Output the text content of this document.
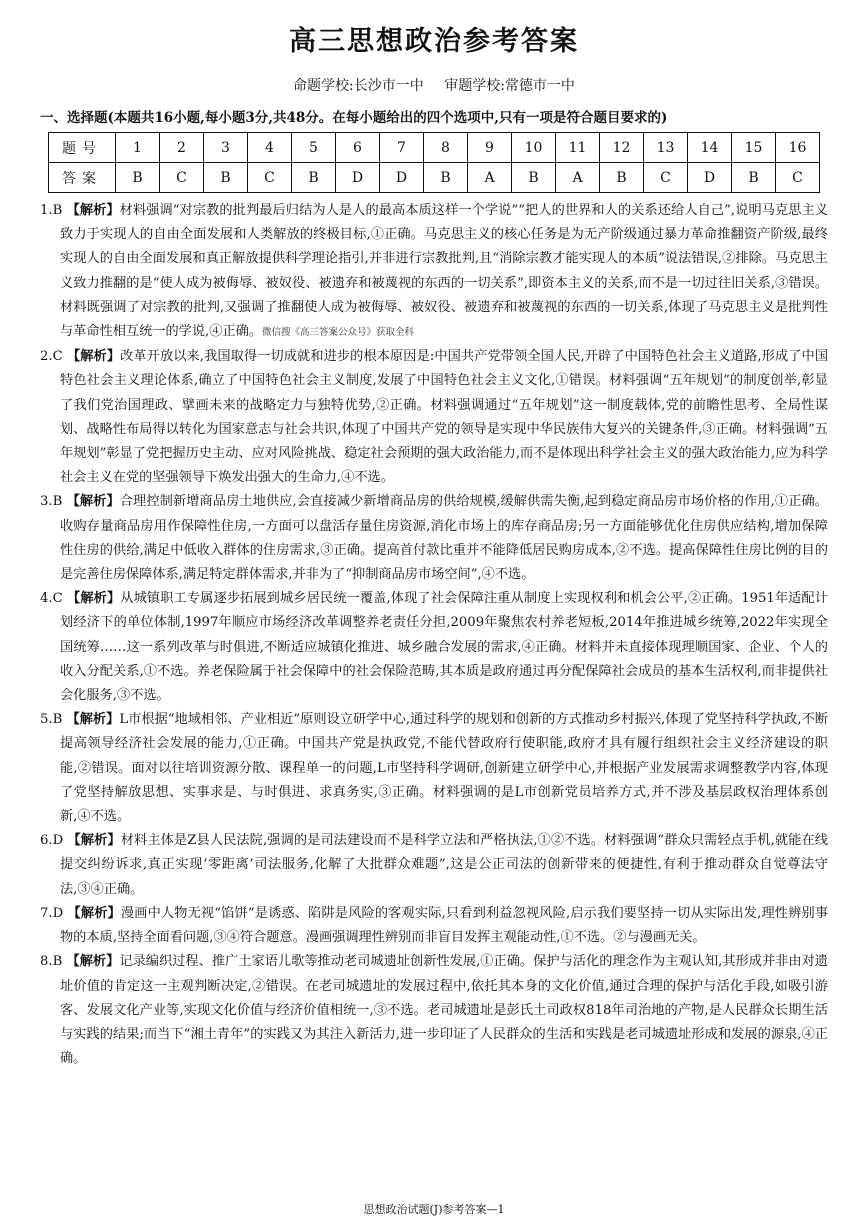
高三思想政治参考答案
命题学校:长沙市一中 审题学校:常德市一中
一、选择题(本题共16小题,每小题3分,共48分。在每小题给出的四个选项中,只有一项是符合题目要求的)
题号	1	2	3	4	5	6	7	8	9	10	11	12	13	14	15	16
答案	B	C	B	C	B	D	D	B	A	B	A	B	C	D	B	C

1.B 【解析】材料强调“对宗教的批判最后归结为人是人的最高本质这样一个学说”“把人的世界和人的关系还给人自己”,说明马克思主义致力于实现人的自由全面发展和人类解放的终极目标,①正确。马克思主义的核心任务是为无产阶级通过暴力革命推翻资产阶级,最终实现人的自由全面发展和真正解放提供科学理论指引,并非进行宗教批判,且“消除宗教才能实现人的本质”说法错误,②排除。马克思主义致力推翻的是“使人成为被侮辱、被奴役、被遗弃和被蔑视的东西的一切关系”,即资本主义的关系,而不是一切过往旧关系,③错误。材料既强调了对宗教的批判,又强调了推翻使人成为被侮辱、被奴役、被遗弃和被蔑视的东西的一切关系,体现了马克思主义是批判性与革命性相互统一的学说,④正确。微信搜《高三答案公众号》获取全科

2.C 【解析】改革开放以来,我国取得一切成就和进步的根本原因是:中国共产党带领全国人民,开辟了中国特色社会主义道路,形成了中国特色社会主义理论体系,确立了中国特色社会主义制度,发展了中国特色社会主义文化,①错误。材料强调“五年规划”的制度创举,彰显了我们党治国理政、擘画未来的战略定力与独特优势,②正确。材料强调通过“五年规划”这一制度载体,党的前瞻性思考、全局性谋划、战略性布局得以转化为国家意志与社会共识,体现了中国共产党的领导是实现中华民族伟大复兴的关键条件,③正确。材料强调“五年规划”彰显了党把握历史主动、应对风险挑战、稳定社会预期的强大政治能力,而不是体现出科学社会主义的强大政治能力,应为科学社会主义在党的坚强领导下焕发出强大的生命力,④不选。

3.B 【解析】合理控制新增商品房土地供应,会直接减少新增商品房的供给规模,缓解供需失衡,起到稳定商品房市场价格的作用,①正确。收购存量商品房用作保障性住房,一方面可以盘活存量住房资源,消化市场上的库存商品房;另一方面能够优化住房供应结构,增加保障性住房的供给,满足中低收入群体的住房需求,③正确。提高首付款比重并不能降低居民购房成本,②不选。提高保障性住房比例的目的是完善住房保障体系,满足特定群体需求,并非为了“抑制商品房市场空间”,④不选。

4.C 【解析】从城镇职工专属逐步拓展到城乡居民统一覆盖,体现了社会保障注重从制度上实现权利和机会公平,②正确。1951年适配计划经济下的单位体制,1997年顺应市场经济改革调整养老责任分担,2009年聚焦农村养老短板,2014年推进城乡统筹,2022年实现全国统筹……这一系列改革与时俱进,不断适应城镇化推进、城乡融合发展的需求,④正确。材料并未直接体现理顺国家、企业、个人的收入分配关系,①不选。养老保险属于社会保障中的社会保险范畴,其本质是政府通过再分配保障社会成员的基本生活权利,而非提供社会化服务,③不选。

5.B 【解析】L市根据“地域相邻、产业相近”原则设立研学中心,通过科学的规划和创新的方式推动乡村振兴,体现了党坚持科学执政,不断提高领导经济社会发展的能力,①正确。中国共产党是执政党,不能代替政府行使职能,政府才具有履行组织社会主义经济建设的职能,②错误。面对以往培训资源分散、课程单一的问题,L市坚持科学调研,创新建立研学中心,并根据产业发展需求调整教学内容,体现了党坚持解放思想、实事求是、与时俱进、求真务实,③正确。材料强调的是L市创新党员培养方式,并不涉及基层政权治理体系创新,④不选。

6.D 【解析】材料主体是Z县人民法院,强调的是司法建设而不是科学立法和严格执法,①②不选。材料强调“群众只需轻点手机,就能在线提交纠纷诉求,真正实现‘零距离’司法服务,化解了大批群众难题”,这是公正司法的创新带来的便捷性,有利于推动群众自觉尊法守法,③④正确。

7.D 【解析】漫画中人物无视“馅饼”是诱惑、陷阱是风险的客观实际,只看到利益忽视风险,启示我们要坚持一切从实际出发,理性辨别事物的本质,坚持全面看问题,③④符合题意。漫画强调理性辨别而非盲目发挥主观能动性,①不选。②与漫画无关。

8.B 【解析】记录编织过程、推广土家语儿歌等推动老司城遗址创新性发展,①正确。保护与活化的理念作为主观认知,其形成并非由对遗址价值的肯定这一主观判断决定,②错误。在老司城遗址的发展过程中,依托其本身的文化价值,通过合理的保护与活化手段,如吸引游客、发展文化产业等,实现文化价值与经济价值相统一,③不选。老司城遗址是彭氏土司政权818年司治地的产物,是人民群众长期生活与实践的结果;而当下“湘土青年”的实践又为其注入新活力,进一步印证了人民群众的生活和实践是老司城遗址形成和发展的源泉,④正确。

思想政治试题(J)参考答案—1
